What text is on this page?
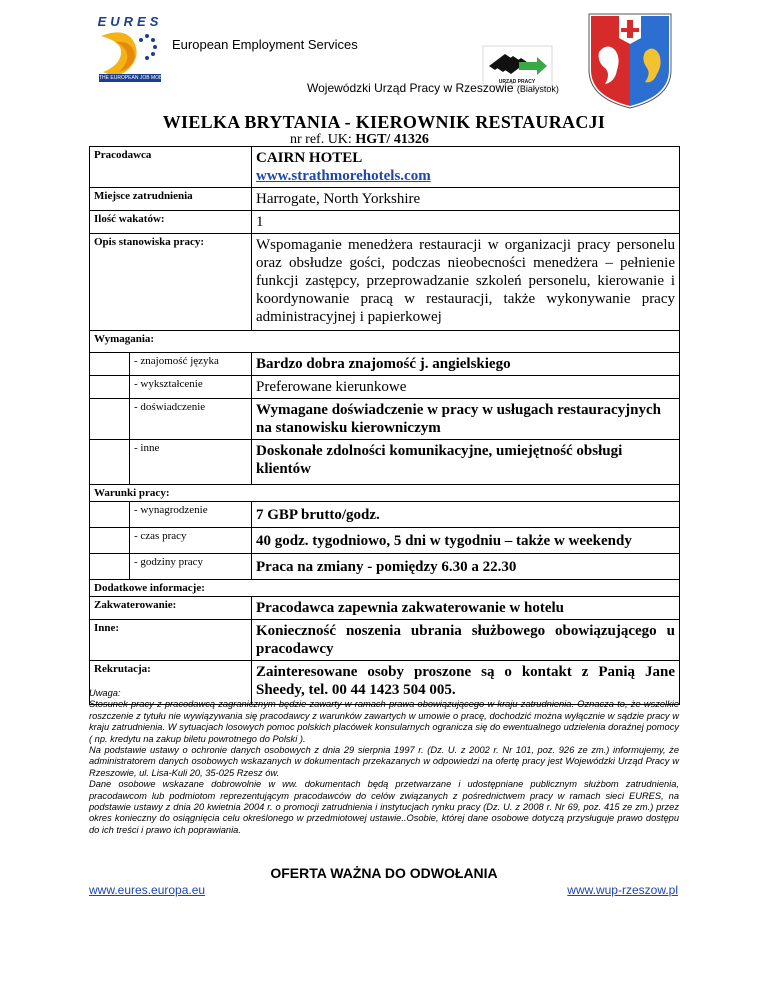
EURES
THE EUROPEAN JOB MOBILITY PORTAL
European Employment Services
URZĄD PRACY
Wojewódzki Urząd Pracy w Rzeszowie (Białystok)
WIELKA BRYTANIA - KIEROWNIK RESTAURACJI
nr ref. UK: HGT/ 41326
Pracodawca		CAIRN HOTEL
www.strathmorehotels.com
Miejsce zatrudnienia		Harrogate, North Yorkshire
Ilość wakatów:		1
Opis stanowiska pracy:		Wspomaganie menedżera restauracji w organizacji pracy personelu oraz obsłudze gości, podczas nieobecności menedżera – pełnienie funkcji zastępcy, przeprowadzanie szkoleń personelu, kierowanie i koordynowanie pracą w restauracji, także wykonywanie pracy administracyjnej i papierkowej
Wymagania:		
	- znajomość języka	Bardzo dobra znajomość j. angielskiego
	- wykształcenie	Preferowane kierunkowe
	- doświadczenie	Wymagane doświadczenie w pracy w usługach restauracyjnych na stanowisku kierowniczym
	- inne	Doskonałe zdolności komunikacyjne, umiejętność obsługi klientów
Warunki pracy:		
	- wynagrodzenie	7 GBP brutto/godz.
	- czas pracy	40 godz. tygodniowo, 5 dni w tygodniu – także w weekendy
	- godziny pracy	Praca na zmiany - pomiędzy 6.30 a 22.30
Dodatkowe informacje:		
Zakwaterowanie:		Pracodawca zapewnia zakwaterowanie w hotelu
Inne:		Konieczność noszenia ubrania służbowego obowiązującego u pracodawcy
Rekrutacja:		Zainteresowane osoby proszone są o kontakt z Panią Jane Sheedy, tel. 00 44 1423 504 005.

Uwaga:

Stosunek pracy z pracodawcą zagranicznym będzie zawarty w ramach prawa obowiązującego w kraju zatrudnienia. Oznacza to, że wszelkie roszczenie z tytułu nie wywiązywania się pracodawcy z warunków zawartych w umowie o pracę, dochodzić można wyłącznie w sądzie pracy w kraju zatrudnienia. W sytuacjach losowych pomoc polskich placówek konsularnych ogranicza się do ewentualnego udzielenia doraźnej pomocy ( np. kredytu na zakup biletu powrotnego do Polski ).

Na podstawie ustawy o ochronie danych osobowych z dnia 29 sierpnia 1997 r. (Dz. U. z 2002 r. Nr 101, poz. 926 ze zm.) informujemy, że administratorem danych osobowych wskazanych w dokumentach przekazanych w odpowiedzi na ofertę pracy jest Wojewódzki Urząd Pracy w Rzeszowie, ul. Lisa-Kuli 20, 35-025 Rzesz ów.

Dane osobowe wskazane dobrowolnie w ww. dokumentach będą przetwarzane i udostępniane publicznym służbom zatrudnienia, pracodawcom lub podmiotom reprezentującym pracodawców do celów związanych z pośrednictwem pracy w ramach sieci EURES, na podstawie ustawy z dnia 20 kwietnia 2004 r. o promocji zatrudnienia i instytucjach rynku pracy (Dz. U. z 2008 r. Nr 69, poz. 415 ze zm.) przez okres konieczny do osiągnięcia celu określonego w przedmiotowej ustawie..Osobie, której dane osobowe dotyczą przysługuje prawo dostępu do ich treści i prawo ich poprawiania.

OFERTA WAŻNA DO ODWOŁANIA
www.eures.europa.eu	www.wup-rzeszow.pl
